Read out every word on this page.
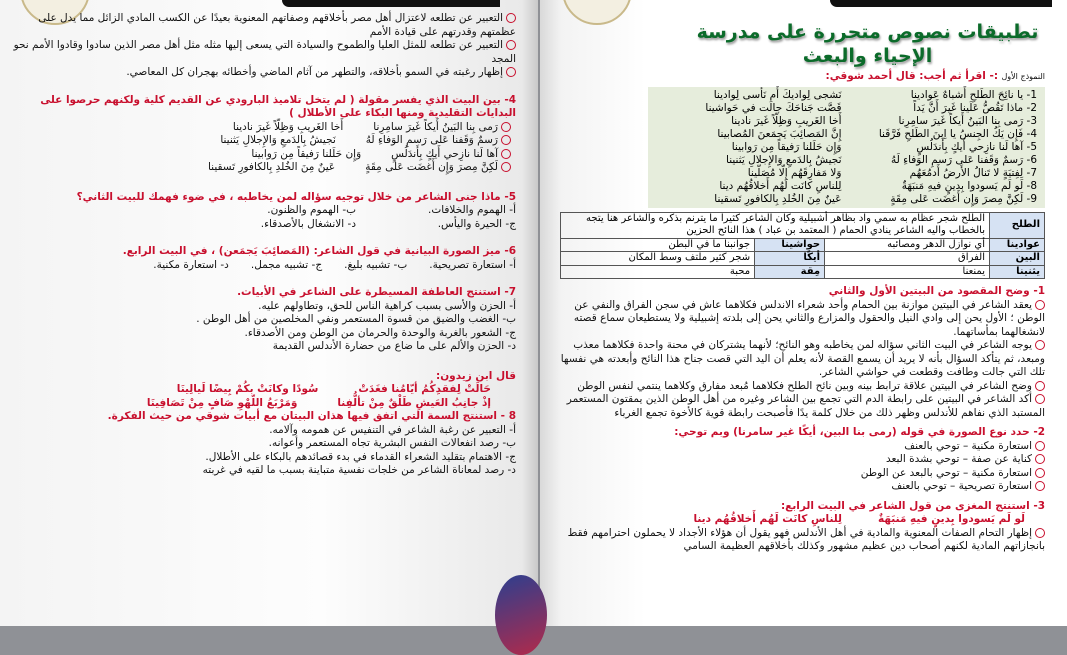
التعبير عن تطلعه لاعتزال أهل مصر بأخلاقهم وصفاتهم المعنوية بعيدًا عن الكسب المادي الزائل مما يدل على عظمتهم وقدرتهم على قيادة الأمم
التعبير عن تطلعه للمثل العليا والطموح والسيادة التي يسعى إليها مثله مثل أهل مصر الذين سادوا وقادوا الأمم نحو المجد
إظهار رغبته في السمو بأخلاقه، والتطهر من آثام الماضي وأخطائه بهجران كل المعاصي.
4- بين البيت الذي يفسر مقولة ( لم يتخل تلاميذ البارودي عن القديم كلية ولكنهم حرصوا على البدايات التقليدية ومنها البكاء على الأطلال )
رَمى بِنا البَينُ أَيكاً غَيرَ سامِرِنا
أَخا الغَريبِ وَظِلّاً غَيرَ نادينا
رَسمٌ وَقَفنا عَلى رَسمِ الوَفاءِ لَهُ
نَجيشُ بِالدَمعِ وَالإِجلالِ يَثنينا
آها لَنا نازِحي أَيكٍ بِأَندَلُسٍ
وَإِن حَلَلنا رَفيقاً مِن رَوابينا
لَكِنَّ مِصرَ وَإِن أَغضَت عَلى مِقَةٍ
عَينٌ مِنَ الخُلدِ بِالكافورِ تَسقينا
5- ماذا جنى الشاعر من خلال توجيه سؤاله لمن يخاطبه ، في ضوء فهمك للبيت الثاني؟
أ- الهموم والخلافات.
ب- الهموم والظنون.
ج- الحيرة واليأس.
د- الانشغال بالأصدقاء.
6- ميز الصورة البيانية في قول الشاعر: (المَصائِبَ يَجمَعن) ، في البيت الرابع.
أ- استعارة تصريحية.
ب- تشبيه بليغ.
ج- تشبيه مجمل.
د- استعارة مكنية.
7- استنتج العاطفة المسيطرة على الشاعر في الأبيات.
أ- الحزن والأسى بسبب كراهية الناس للحق، وتطاولهم عليه.
ب- الغضب والضيق من قسوة المستعمر ونفي المخلصين من أهل الوطن .
ج- الشعور بالغربة والوحدة والحرمان من الوطن ومن الأصدقاء.
د- الحزن والألم على ما ضاع من حضارة الأندلس القديمة
قال ابن زيدون:
حَالَتْ لِفقدِكُمُ أيّامُنا فغَدَتْ
سُودًا وكانَتْ بكُمْ بِيضًا لَيالِينَا
إذْ جانِبُ العَيشِ طَلْقٌ مِنْ تألُّفِنا
وَمَرْبَعُ اللّهْوِ صَافٍ مِنْ تَصَافِينَا
8 - استنتج السمة التي اتفق فيها هذان البيتان مع أبيات شوقي من حيث الفكرة.
أ- التعبير عن رغبة الشاعر في التنفيس عن همومه وآلامه.
ب- رصد انفعالات النفس البشرية تجاه المستعمر وأعوانه.
ج- الاهتمام بتقليد الشعراء القدماء في بدء قصائدهم بالبكاء على الأطلال.
د- رصد لمعاناة الشاعر من خلجات نفسية متباينة بسبب ما لقيه في غربته
تطبيقات نصوص متحررة على مدرسة الإحياء والبعث
النموذج الأول :- اقرأ ثم أجب: قال أحمد شوقي:
1- يا نائِحَ الطَلحِ أَشباهٌ عَوادينا
نَشجى لِواديكَ أَم نَأسى لِوادينا
2- ماذا تَقُصُّ عَلَينا غَيرَ أَنَّ يَداً
قَصَّت جَناحَكَ جالَت في حَواشينا
3- رَمى بِنا البَينُ أَيكاً غَيرَ سامِرِنا
أَخا الغَريبِ وَظِلّاً غَيرَ نادينا
4- فَإِن يَكُ الجِنسُ يا اِبنَ الطَلحِ فَرَّقَنا
إِنَّ المَصائِبَ يَجمَعنَ المُصابينا
5- آها لَنا نازِحي أَيكٍ بِأَندَلُسٍ
وَإِن حَلَلنا رَفيقاً مِن رَوابينا
6- رَسمٌ وَقَفنا عَلى رَسمِ الوَفاءِ لَهُ
نَجيشُ بِالدَمعِ وَالإِجلالِ يَثنينا
7- لِفِتيَةٍ لا تَنالُ الأَرضُ أَدمُعَهُم
وَلا مَفارِقَهُم إِلّا مُصَلّينا
8- لَو لَم يَسودوا بِدينٍ فيهِ مَنبَهَةٌ
لِلناسِ كانَت لَهُم أَخلاقُهُم دينا
9- لَكِنَّ مِصرَ وَإِن أَغضَت عَلى مِقَةٍ
عَينٌ مِنَ الخُلدِ بِالكافورِ تَسقينا
الطلح	الطلح شجر عظام به سمي واد بظاهر أشبيلية وكان الشاعر كثيرا ما يترنم بذكره والشاعر هنا يتجه بالخطاب واليه الشاعر ينادي الحمام ( المعتمد بن عباد ) هذا النائح الحزين		
عوادينا	أي نوازل الدهر ومصائبه	حواشينا	جوانبنا ما في البطن
البين	الفراق	أيكًا	شجر كثير ملتف وسط المكان
يثنينا	يمنعنا	مِقة	محبة
1- وضح المقصود من البيتين الأول والثاني
يعقد الشاعر في البيتين موازنة بين الحمام وأحد شعراء الاندلس فكلاهما عاش في سجن الفراق والنفي عن الوطن ؛ الأول يحن إلى وادي النيل والحقول والمزارع والثاني يحن إلى بلدته إشبيلية ولا يستطيعان سماع قصته لانشغالهما بمأساتهما.
يوجه الشاعر في البيت الثاني سؤاله لمن يخاطبه وهو النائح؛ لأنهما يشتركان في محنة واحدة فكلاهما معذب ومبعد، ثم يتأكد السؤال بأنه لا يريد أن يسمع القصة لأنه يعلم أن اليد التي قصت جناح هذا النائح وأبعدته هي نفسها تلك التي جالت وطافت وقطعت في حواشي الشاعر.
وضح الشاعر في البيتين علاقة ترابط بينه وبين نائح الطلح فكلاهما مُبعد مفارق وكلاهما ينتمي لنفس الوطن
أكد الشاعر في البيتين على رابطة الدم التي تجمع بين الشاعر وغيره من أهل الوطن الذين يمقتون المستعمر المستبد الذي نفاهم للأندلس وظهر ذلك من خلال كلمة يدًا فأصبحت رابطة قوية كالأخوة تجمع الغرباء
2- حدد نوع الصورة في قوله (رمى بنا البين، أيكًا غير سامرنا) وبم توحي:
استعارة مكنية – توحي بالعنف
كناية عن صفة – توحي بشدة البعد
استعارة مكنية – توحي بالبعد عن الوطن
استعارة تصريحية – توحي بالعنف
3- استنتج المغزى من قول الشاعر في البيت الرابع:
لَو لَم يَسودوا بِدينٍ فيهِ مَنبَهَةٌ
لِلناسِ كانَت لَهُم أَخلاقُهُم دينا
إظهار التحام الصفات المعنوية والمادية في أهل الأندلس فهو يقول أن هؤلاء الأجداد لا يحملون احترامهم فقط بانجازاتهم المادية لكنهم أصحاب دين عظيم مشهور وكذلك بأخلاقهم العظيمة السامي
